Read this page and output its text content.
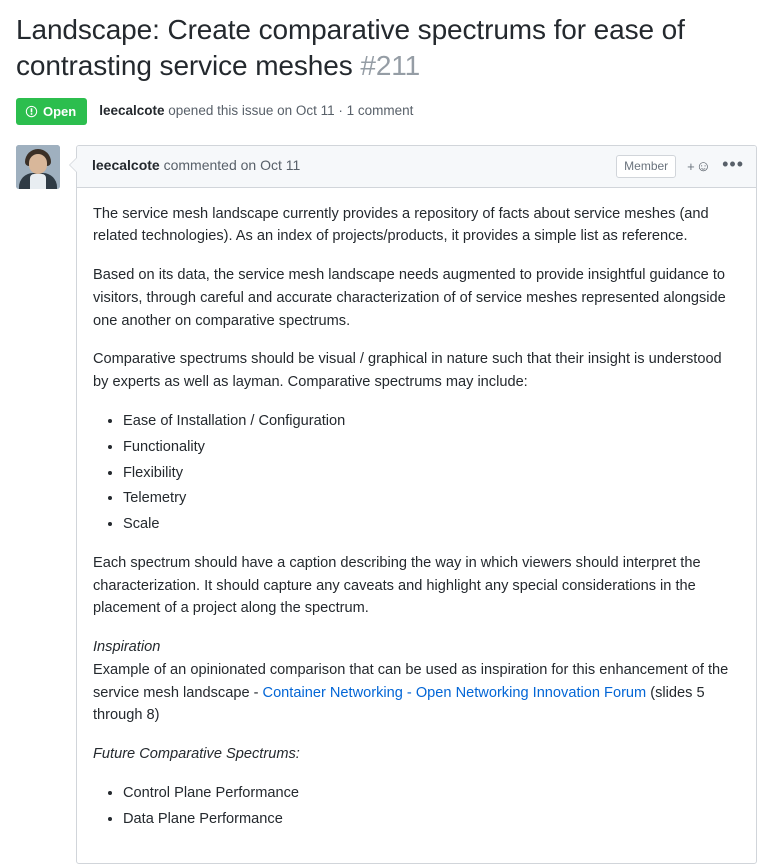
Landscape: Create comparative spectrums for ease of contrasting service meshes #211
Open leecalcote opened this issue on Oct 11 · 1 comment
leecalcote commented on Oct 11	Member	+ ☺ •••

The service mesh landscape currently provides a repository of facts about service meshes (and related technologies). As an index of projects/products, it provides a simple list as reference.

Based on its data, the service mesh landscape needs augmented to provide insightful guidance to visitors, through careful and accurate characterization of of service meshes represented alongside one another on comparative spectrums.

Comparative spectrums should be visual / graphical in nature such that their insight is understood by experts as well as layman. Comparative spectrums may include:

• Ease of Installation / Configuration
• Functionality
• Flexibility
• Telemetry
• Scale

Each spectrum should have a caption describing the way in which viewers should interpret the characterization. It should capture any caveats and highlight any special considerations in the placement of a project along the spectrum.

Inspiration

Example of an opinionated comparison that can be used as inspiration for this enhancement of the service mesh landscape - Container Networking - Open Networking Innovation Forum (slides 5 through 8)

Future Comparative Spectrums:

• Control Plane Performance
• Data Plane Performance
